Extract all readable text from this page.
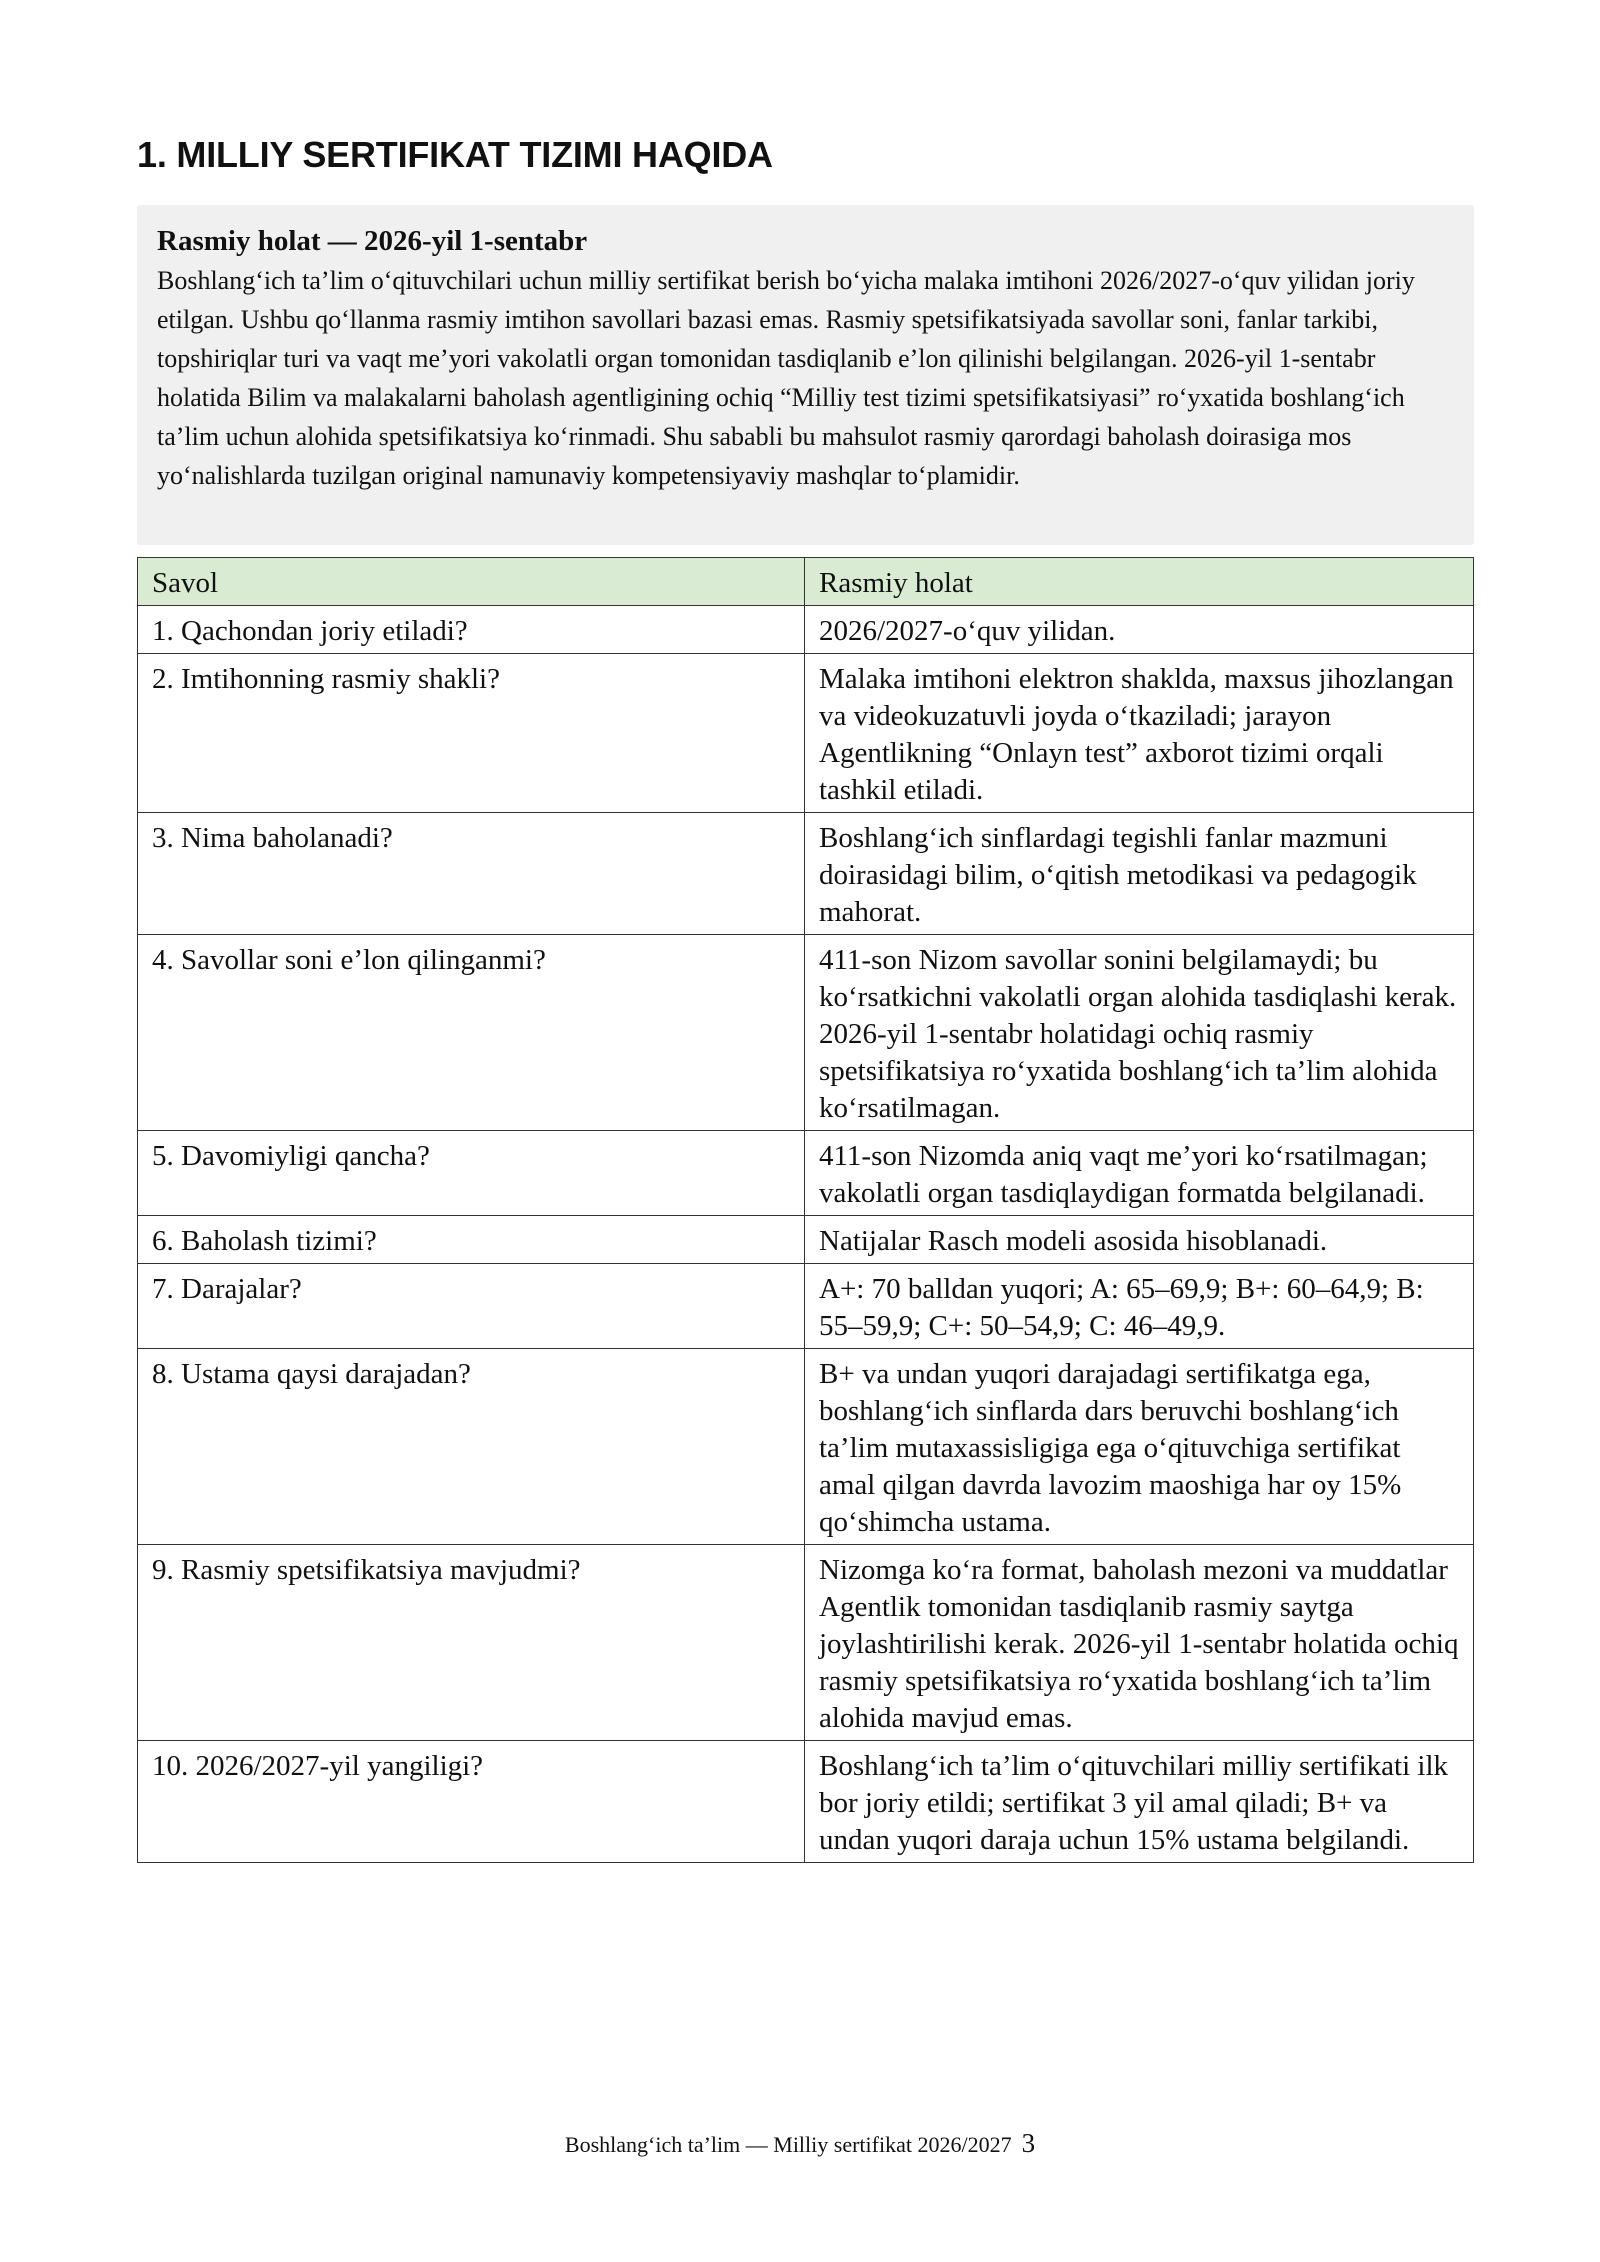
1. MILLIY SERTIFIKAT TIZIMI HAQIDA
Rasmiy holat — 2026-yil 1-sentabr
Boshlang‘ich ta’lim o‘qituvchilari uchun milliy sertifikat berish bo‘yicha malaka imtihoni 2026/2027-o‘quv yilidan joriy etilgan. Ushbu qo‘llanma rasmiy imtihon savollari bazasi emas. Rasmiy spetsifikatsiyada savollar soni, fanlar tarkibi, topshiriqlar turi va vaqt me’yori vakolatli organ tomonidan tasdiqlanib e’lon qilinishi belgilangan. 2026-yil 1-sentabr holatida Bilim va malakalarni baholash agentligining ochiq “Milliy test tizimi spetsifikatsiyasi” ro‘yxatida boshlang‘ich ta’lim uchun alohida spetsifikatsiya ko‘rinmadi. Shu sababli bu mahsulot rasmiy qarordagi baholash doirasiga mos yo‘nalishlarda tuzilgan original namunaviy kompetensiyaviy mashqlar to‘plamidir.
Savol	Rasmiy holat
1. Qachondan joriy etiladi?	2026/2027-o‘quv yilidan.
2. Imtihonning rasmiy shakli?	Malaka imtihoni elektron shaklda, maxsus jihozlangan va videokuzatuvli joyda o‘tkaziladi; jarayon Agentlikning “Onlayn test” axborot tizimi orqali tashkil etiladi.
3. Nima baholanadi?	Boshlang‘ich sinflardagi tegishli fanlar mazmuni doirasidagi bilim, o‘qitish metodikasi va pedagogik mahorat.
4. Savollar soni e’lon qilinganmi?	411-son Nizom savollar sonini belgilamaydi; bu ko‘rsatkichni vakolatli organ alohida tasdiqlashi kerak. 2026-yil 1-sentabr holatidagi ochiq rasmiy spetsifikatsiya ro‘yxatida boshlang‘ich ta’lim alohida ko‘rsatilmagan.
5. Davomiyligi qancha?	411-son Nizomda aniq vaqt me’yori ko‘rsatilmagan; vakolatli organ tasdiqlaydigan formatda belgilanadi.
6. Baholash tizimi?	Natijalar Rasch modeli asosida hisoblanadi.
7. Darajalar?	A+: 70 balldan yuqori; A: 65–69,9; B+: 60–64,9; B: 55–59,9; C+: 50–54,9; C: 46–49,9.
8. Ustama qaysi darajadan?	B+ va undan yuqori darajadagi sertifikatga ega, boshlang‘ich sinflarda dars beruvchi boshlang‘ich ta’lim mutaxassisligiga ega o‘qituvchiga sertifikat amal qilgan davrda lavozim maoshiga har oy 15% qo‘shimcha ustama.
9. Rasmiy spetsifikatsiya mavjudmi?	Nizomga ko‘ra format, baholash mezoni va muddatlar Agentlik tomonidan tasdiqlanib rasmiy saytga joylashtirilishi kerak. 2026-yil 1-sentabr holatida ochiq rasmiy spetsifikatsiya ro‘yxatida boshlang‘ich ta’lim alohida mavjud emas.
10. 2026/2027-yil yangiligi?	Boshlang‘ich ta’lim o‘qituvchilari milliy sertifikati ilk bor joriy etildi; sertifikat 3 yil amal qiladi; B+ va undan yuqori daraja uchun 15% ustama belgilandi.
Boshlang‘ich ta’lim — Milliy sertifikat 2026/2027 3
